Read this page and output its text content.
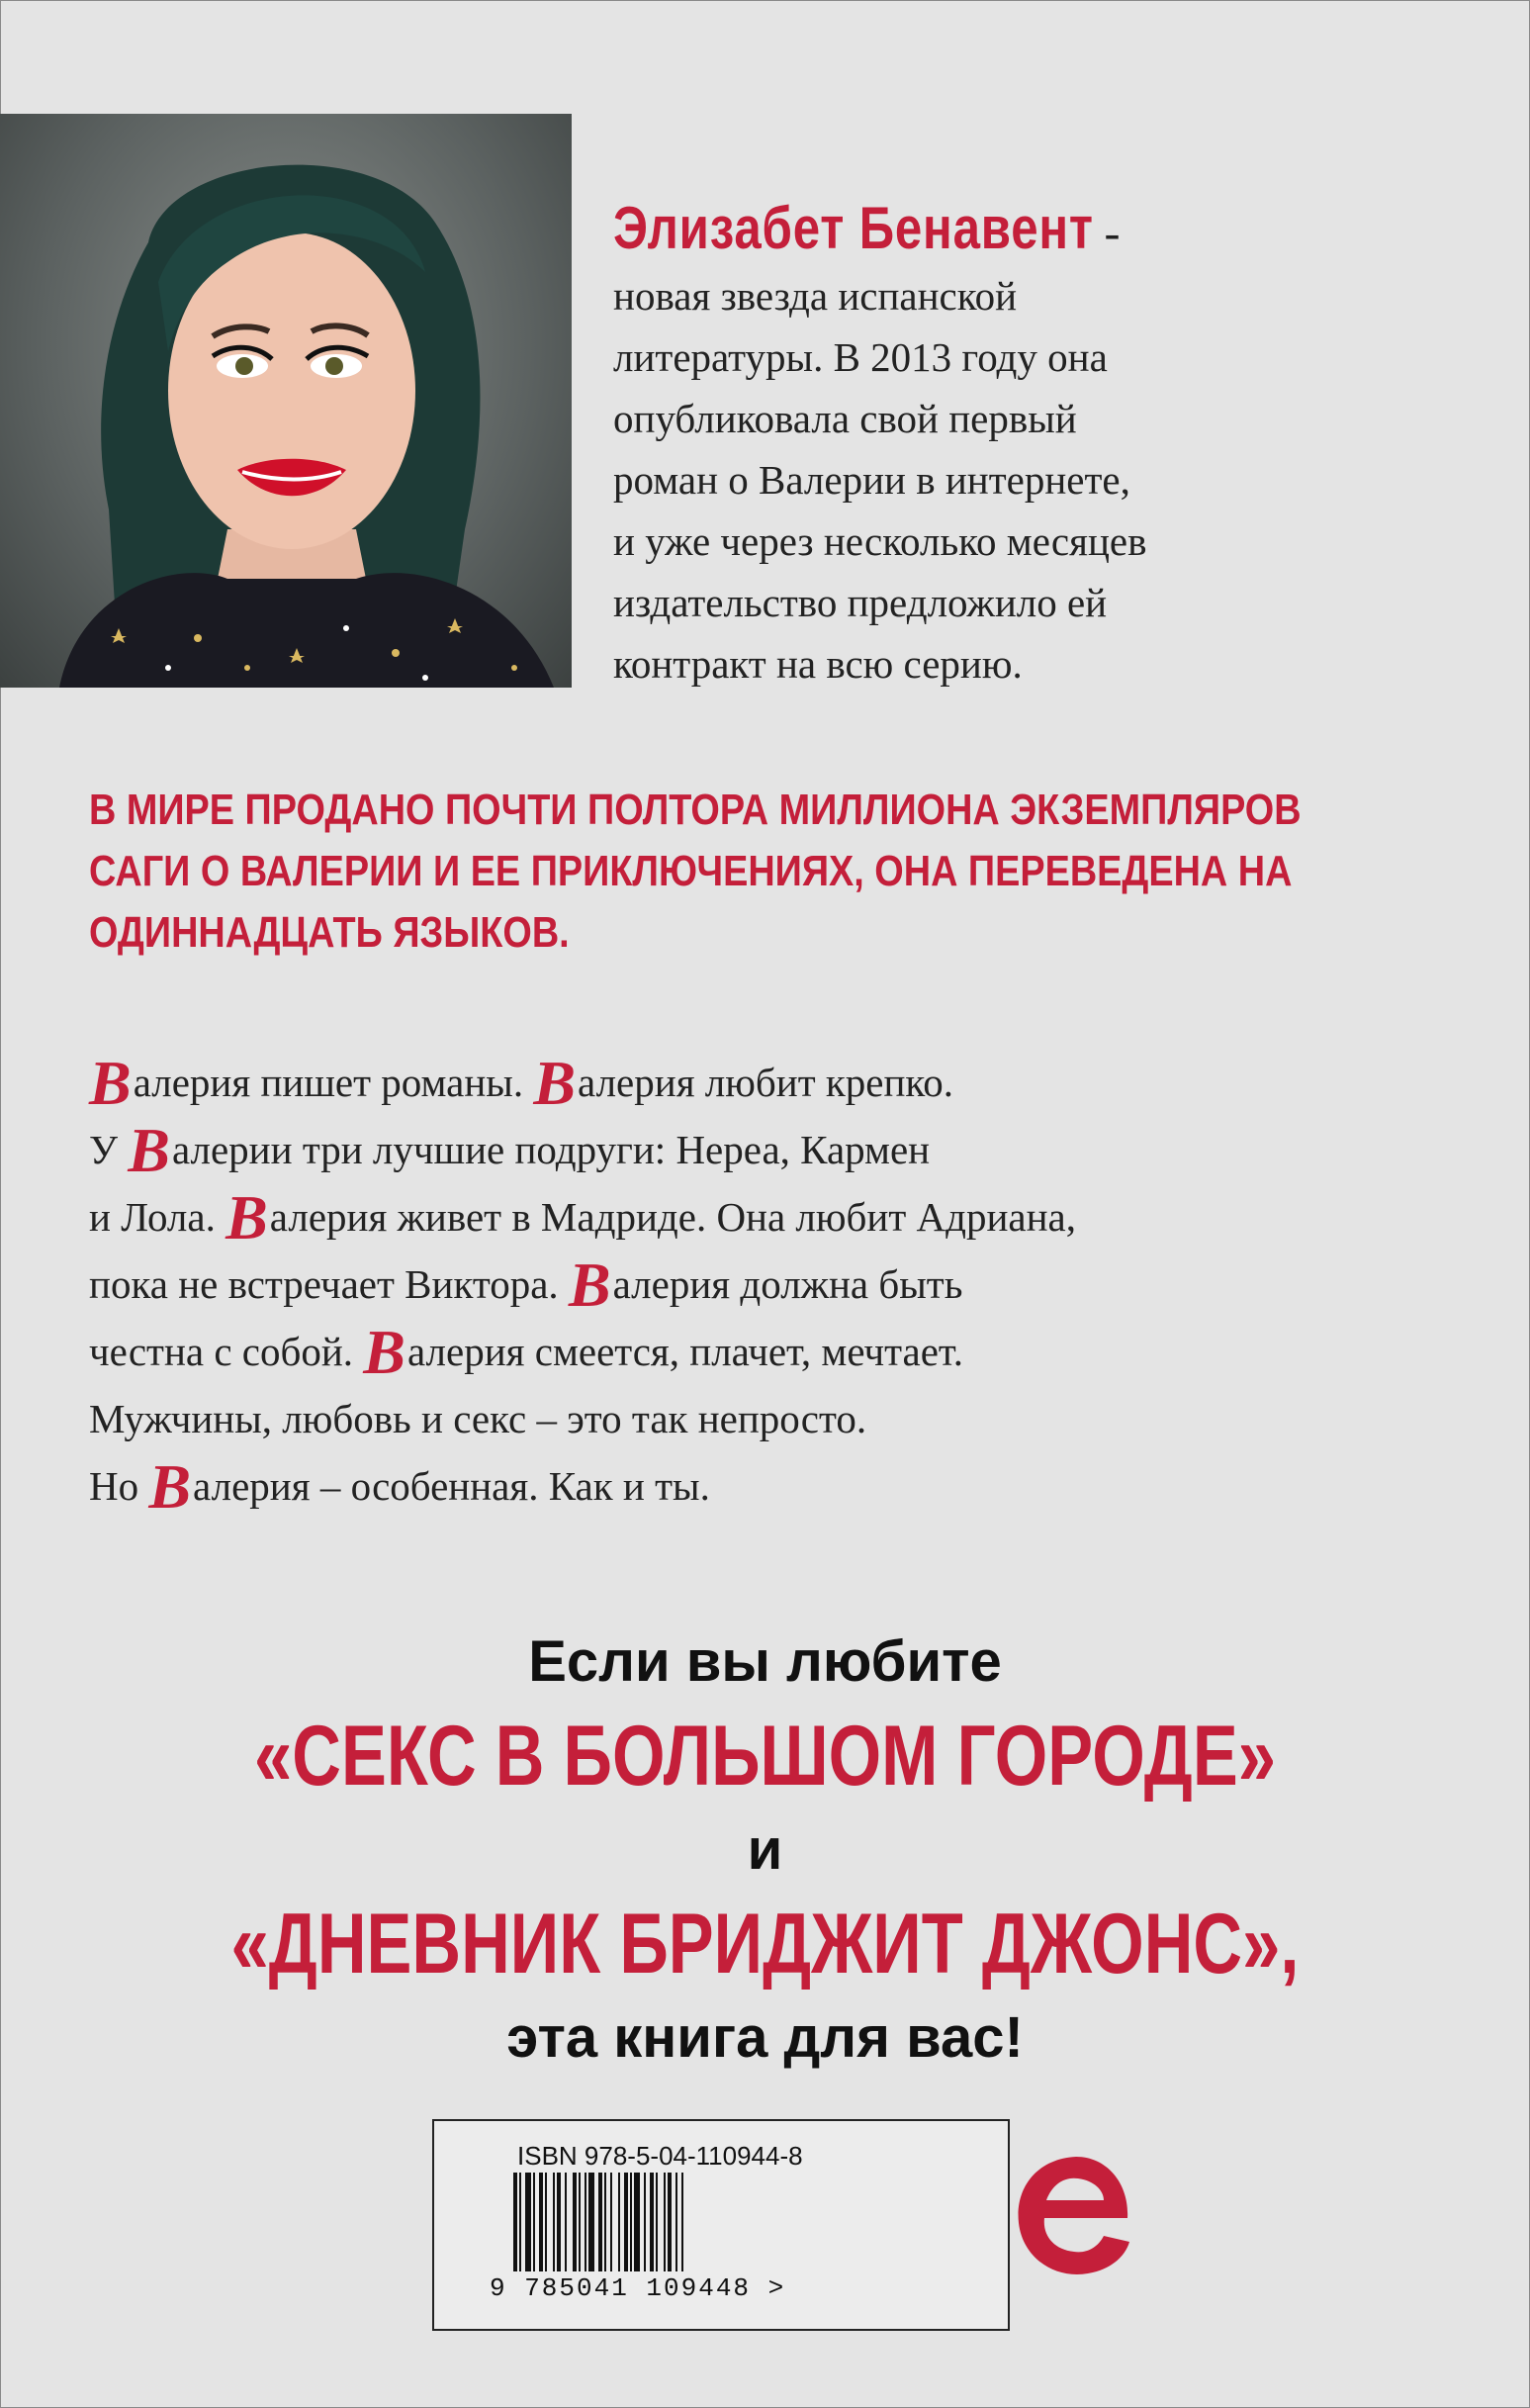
Элизабет Бенавент -
новая звезда испанской
литературы. В 2013 году она
опубликовала свой первый
роман о Валерии в интернете,
и уже через несколько месяцев
издательство предложило ей
контракт на всю серию.
В МИРЕ ПРОДАНО ПОЧТИ ПОЛТОРА МИЛЛИОНА ЭКЗЕМПЛЯРОВ
САГИ О ВАЛЕРИИ И ЕЕ ПРИКЛЮЧЕНИЯХ, ОНА ПЕРЕВЕДЕНА НА
ОДИННАДЦАТЬ ЯЗЫКОВ.
Валерия пишет романы. Валерия любит крепко.
У Валерии три лучшие подруги: Нереа, Кармен
и Лола. Валерия живет в Мадриде. Она любит Адриана,
пока не встречает Виктора. Валерия должна быть
честна с собой. Валерия смеется, плачет, мечтает.
Мужчины, любовь и секс – это так непросто.
Но Валерия – особенная. Как и ты.
Если вы любите
«СЕКС В БОЛЬШОМ ГОРОДЕ»
и
«ДНЕВНИК БРИДЖИТ ДЖОНС»,
эта книга для вас!
ISBN 978-5-04-110944-8
9 785041 109448 >
